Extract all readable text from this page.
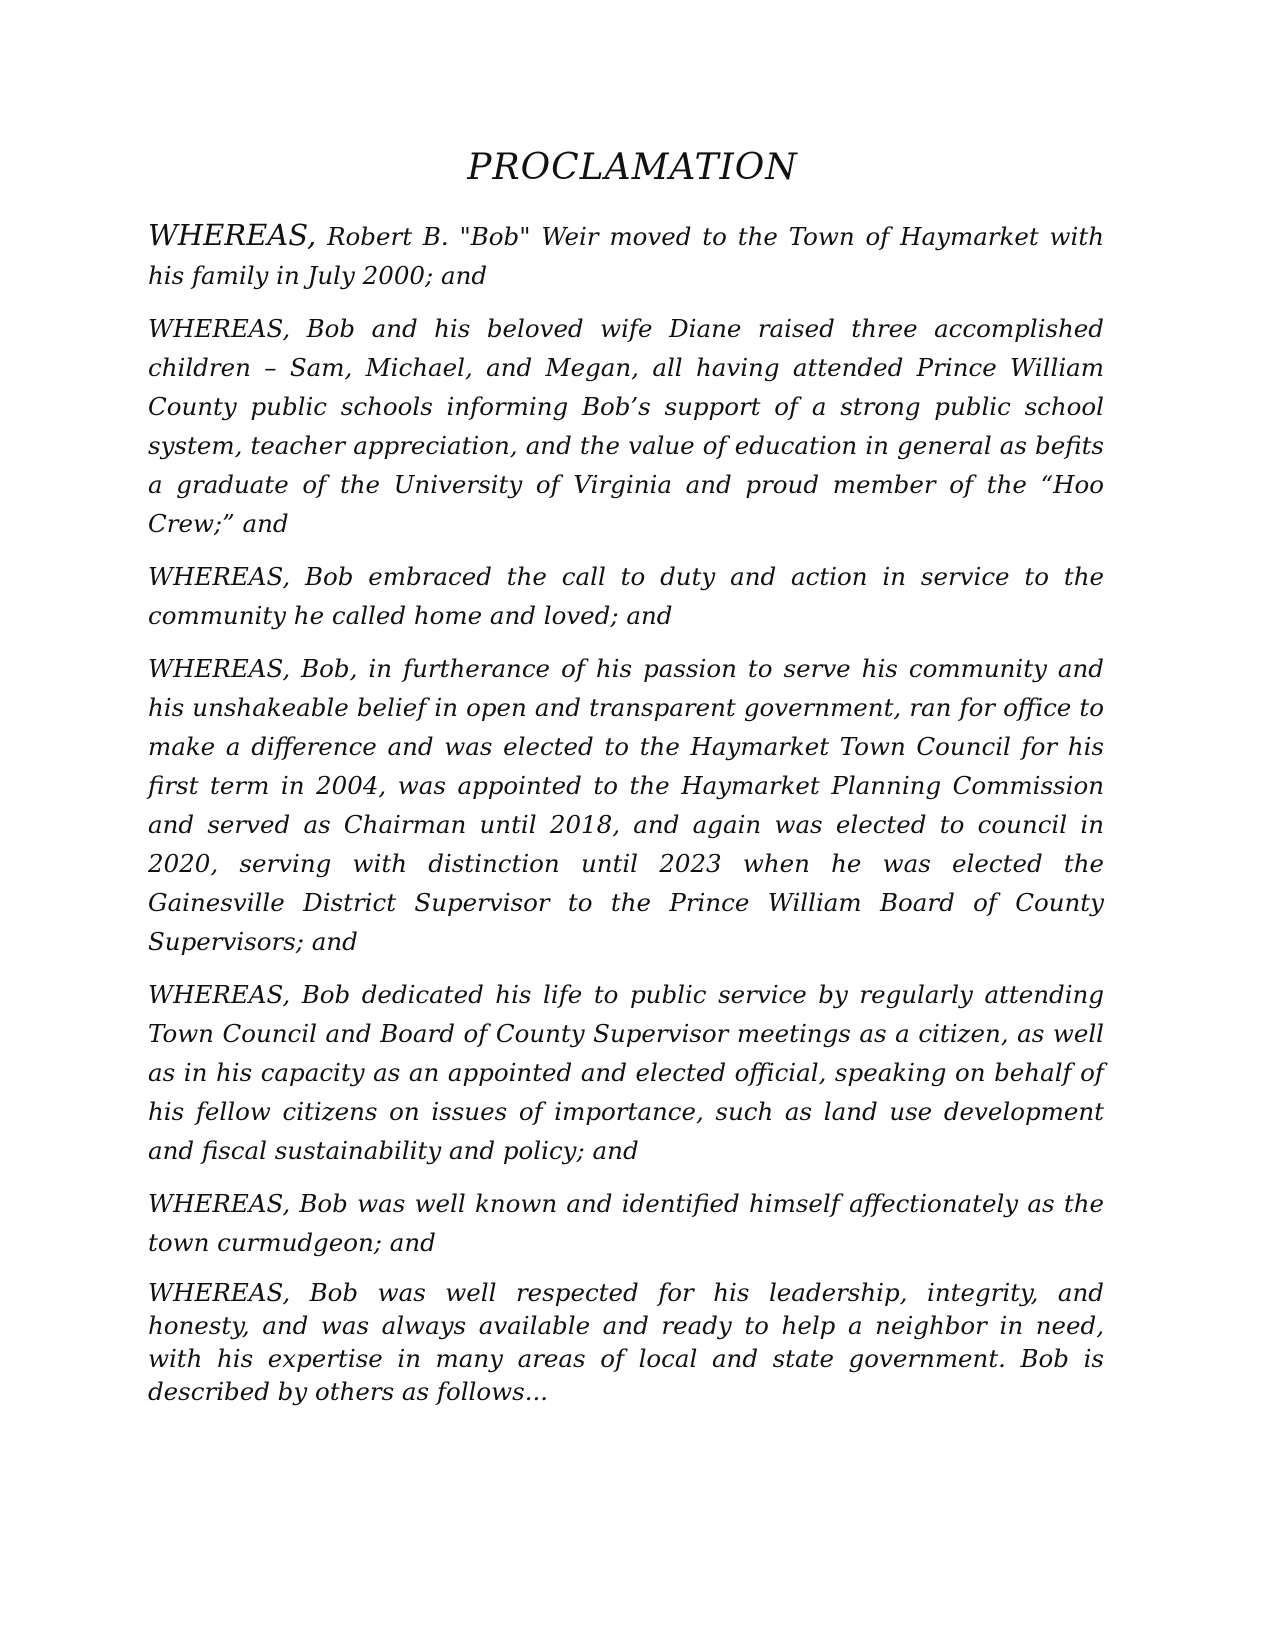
PROCLAMATION

WHEREAS, Robert B. "Bob" Weir moved to the Town of Haymarket with his family in July 2000; and

WHEREAS, Bob and his beloved wife Diane raised three accomplished children – Sam, Michael, and Megan, all having attended Prince William County public schools informing Bob’s support of a strong public school system, teacher appreciation, and the value of education in general as befits a graduate of the University of Virginia and proud member of the “Hoo Crew;” and

WHEREAS, Bob embraced the call to duty and action in service to the community he called home and loved; and

WHEREAS, Bob, in furtherance of his passion to serve his community and his unshakeable belief in open and transparent government, ran for office to make a difference and was elected to the Haymarket Town Council for his first term in 2004, was appointed to the Haymarket Planning Commission and served as Chairman until 2018, and again was elected to council in 2020, serving with distinction until 2023 when he was elected the Gainesville District Supervisor to the Prince William Board of County Supervisors; and

WHEREAS, Bob dedicated his life to public service by regularly attending Town Council and Board of County Supervisor meetings as a citizen, as well as in his capacity as an appointed and elected official, speaking on behalf of his fellow citizens on issues of importance, such as land use development and fiscal sustainability and policy; and

WHEREAS, Bob was well known and identified himself affectionately as the town curmudgeon; and

WHEREAS, Bob was well respected for his leadership, integrity, and honesty, and was always available and ready to help a neighbor in need, with his expertise in many areas of local and state government. Bob is described by others as follows...
